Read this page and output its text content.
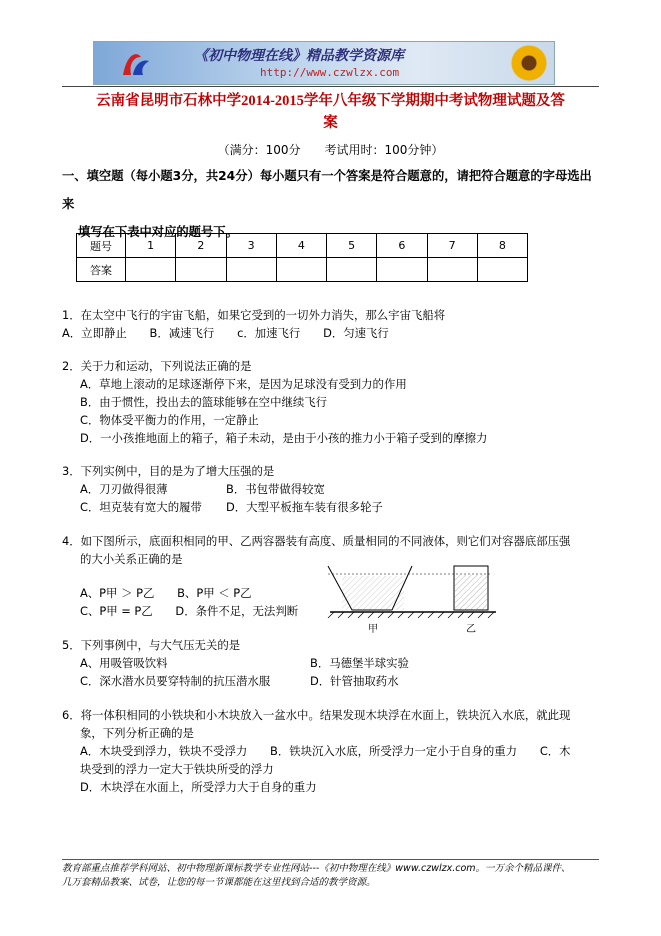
《初中物理在线》精品教学资源库
http://www.czwlzx.com
云南省昆明市石林中学2014-2015学年八年级下学期期中考试物理试题及答
案
（满分：100分　　考试用时：100分钟）
一、填空题（每小题3分，共24分）每小题只有一个答案是符合题意的，请把符合题意的字母选出来
填写在下表中对应的题号下。
题号	1	2	3	4	5	6	7	8
答案								
1．在太空中飞行的宇宙飞船，如果它受到的一切外力消失，那么宇宙飞船将
A．立即静止　　B．减速飞行　　c．加速飞行　　D．匀速飞行
2．关于力和运动，下列说法正确的是
A．草地上滚动的足球逐渐停下来，是因为足球没有受到力的作用
B．由于惯性，投出去的篮球能够在空中继续飞行
C．物体受平衡力的作用，一定静止
D．一小孩推地面上的箱子，箱子未动，是由于小孩的推力小于箱子受到的摩擦力
3．下列实例中，目的是为了增大压强的是
A．刀刃做得很薄	B．书包带做得较宽
C．坦克装有宽大的履带 D．大型平板拖车装有很多轮子
4．如下图所示，底面积相同的甲、乙两容器装有高度、质量相同的不同液体，则它们对容器底部压强
的大小关系正确的是
A、P甲 ＞ P乙　　B、P甲 ＜ P乙
C、P甲 = P乙　　D．条件不足，无法判断
甲	乙
5．下列事例中，与大气压无关的是
A、用吸管吸饮料	B．马德堡半球实验
C．深水潜水员要穿特制的抗压潜水服	D．针管抽取药水
6．将一体积相同的小铁块和小木块放入一盆水中。结果发现木块浮在水面上，铁块沉入水底，就此现
象，下列分析正确的是
A．木块受到浮力，铁块不受浮力　　B．铁块沉入水底，所受浮力一定小于自身的重力　　C．木
块受到的浮力一定大于铁块所受的浮力
D．木块浮在水面上，所受浮力大于自身的重力
教育部重点推荐学科网站、初中物理新课标教学专业性网站---《初中物理在线》www.czwlzx.com。一万余个精品课件、
几万套精品教案、试卷，让您的每一节课都能在这里找到合适的教学资源。
